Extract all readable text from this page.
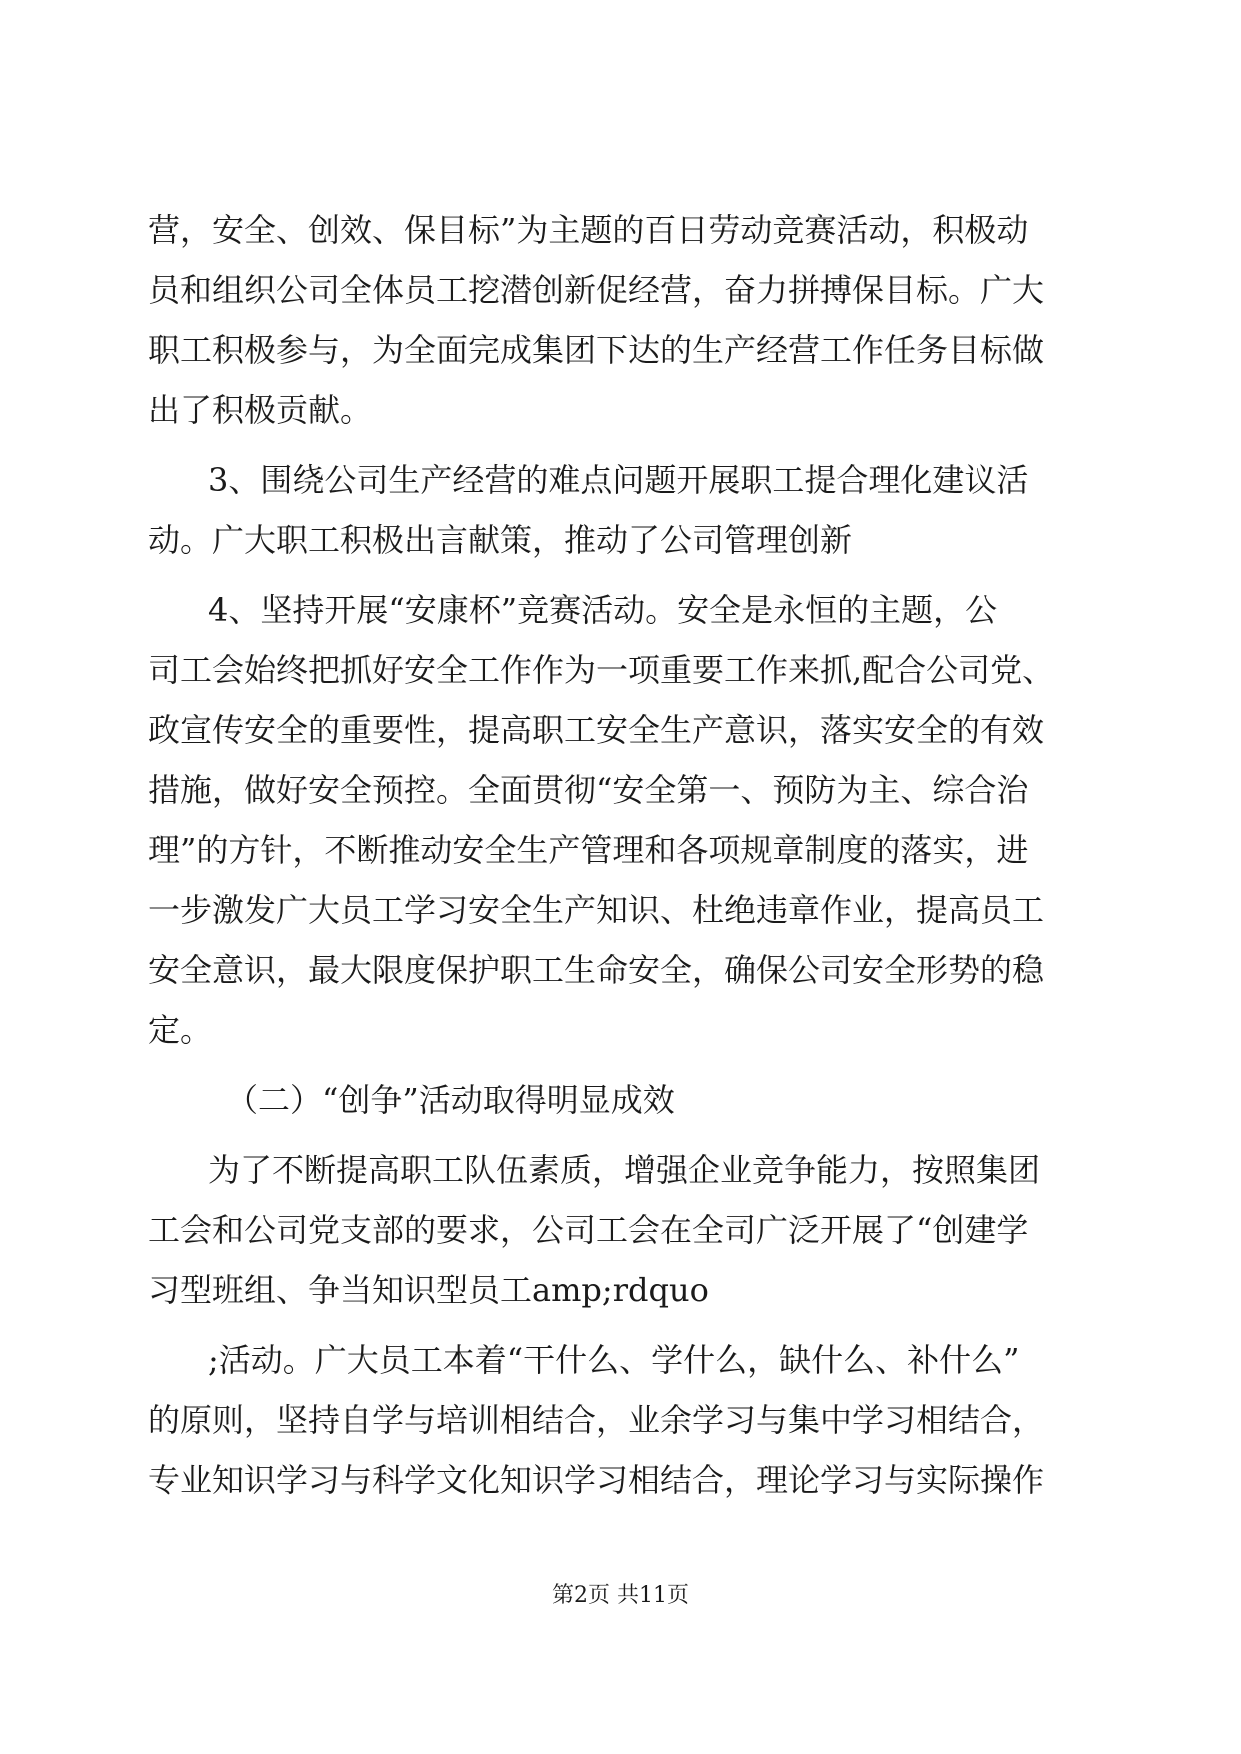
营，安全、创效、保目标”为主题的百日劳动竞赛活动，积极动
员和组织公司全体员工挖潜创新促经营，奋力拼搏保目标。广大
职工积极参与，为全面完成集团下达的生产经营工作任务目标做
出了积极贡献。
3、围绕公司生产经营的难点问题开展职工提合理化建议活
动。广大职工积极出言献策，推动了公司管理创新
4、坚持开展“安康杯”竞赛活动。安全是永恒的主题，公
司工会始终把抓好安全工作作为一项重要工作来抓,配合公司党、
政宣传安全的重要性，提高职工安全生产意识，落实安全的有效
措施，做好安全预控。全面贯彻“安全第一、预防为主、综合治
理”的方针，不断推动安全生产管理和各项规章制度的落实，进
一步激发广大员工学习安全生产知识、杜绝违章作业，提高员工
安全意识，最大限度保护职工生命安全，确保公司安全形势的稳
定。
（二）“创争”活动取得明显成效
为了不断提高职工队伍素质，增强企业竞争能力，按照集团
工会和公司党支部的要求，公司工会在全司广泛开展了“创建学
习型班组、争当知识型员工amp;rdquo
;活动。广大员工本着“干什么、学什么，缺什么、补什么”
的原则，坚持自学与培训相结合，业余学习与集中学习相结合，
专业知识学习与科学文化知识学习相结合，理论学习与实际操作
第2页 共11页
